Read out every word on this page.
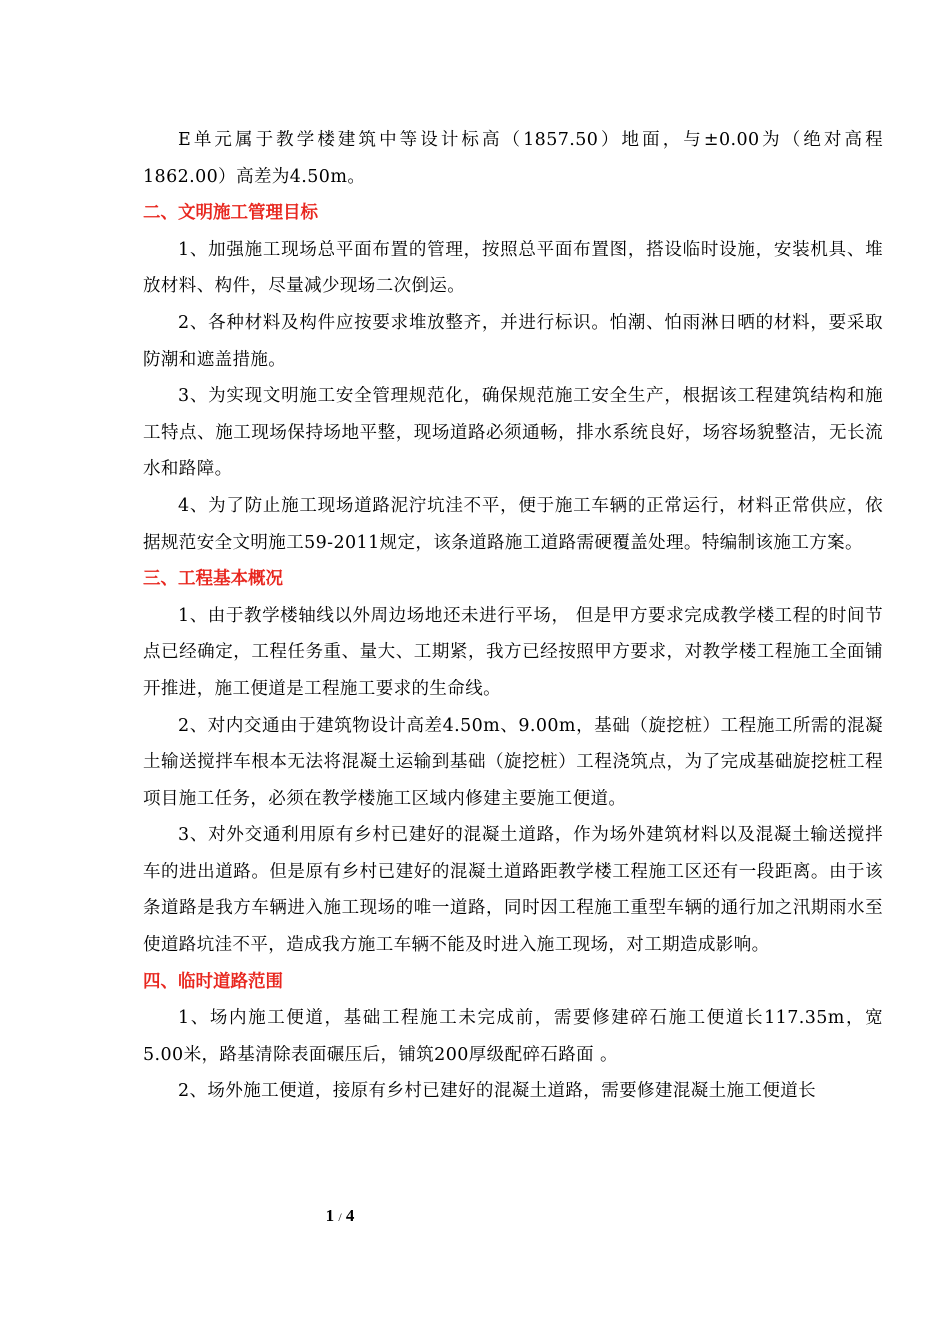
E单元属于教学楼建筑中等设计标高（1857.50）地面，与±0.00为（绝对高程1862.00）高差为4.50m。

二、文明施工管理目标

1、加强施工现场总平面布置的管理，按照总平面布置图，搭设临时设施，安装机具、堆放材料、构件，尽量减少现场二次倒运。

2、各种材料及构件应按要求堆放整齐，并进行标识。怕潮、怕雨淋日晒的材料，要采取防潮和遮盖措施。

3、为实现文明施工安全管理规范化，确保规范施工安全生产，根据该工程建筑结构和施工特点、施工现场保持场地平整，现场道路必须通畅，排水系统良好，场容场貌整洁，无长流水和路障。

4、为了防止施工现场道路泥泞坑洼不平，便于施工车辆的正常运行，材料正常供应，依据规范安全文明施工59-2011规定，该条道路施工道路需硬覆盖处理。特编制该施工方案。

三、工程基本概况

1、由于教学楼轴线以外周边场地还未进行平场， 但是甲方要求完成教学楼工程的时间节点已经确定，工程任务重、量大、工期紧，我方已经按照甲方要求，对教学楼工程施工全面铺开推进，施工便道是工程施工要求的生命线。

2、对内交通由于建筑物设计高差4.50m、9.00m，基础（旋挖桩）工程施工所需的混凝土输送搅拌车根本无法将混凝土运输到基础（旋挖桩）工程浇筑点，为了完成基础旋挖桩工程项目施工任务，必须在教学楼施工区域内修建主要施工便道。

3、对外交通利用原有乡村已建好的混凝土道路，作为场外建筑材料以及混凝土输送搅拌车的进出道路。但是原有乡村已建好的混凝土道路距教学楼工程施工区还有一段距离。由于该条道路是我方车辆进入施工现场的唯一道路，同时因工程施工重型车辆的通行加之汛期雨水至使道路坑洼不平，造成我方施工车辆不能及时进入施工现场，对工期造成影响。

四、临时道路范围

1、场内施工便道，基础工程施工未完成前，需要修建碎石施工便道长117.35m，宽5.00米，路基清除表面碾压后，铺筑200厚级配碎石路面 。

2、场外施工便道，接原有乡村已建好的混凝土道路，需要修建混凝土施工便道长

1 / 4
